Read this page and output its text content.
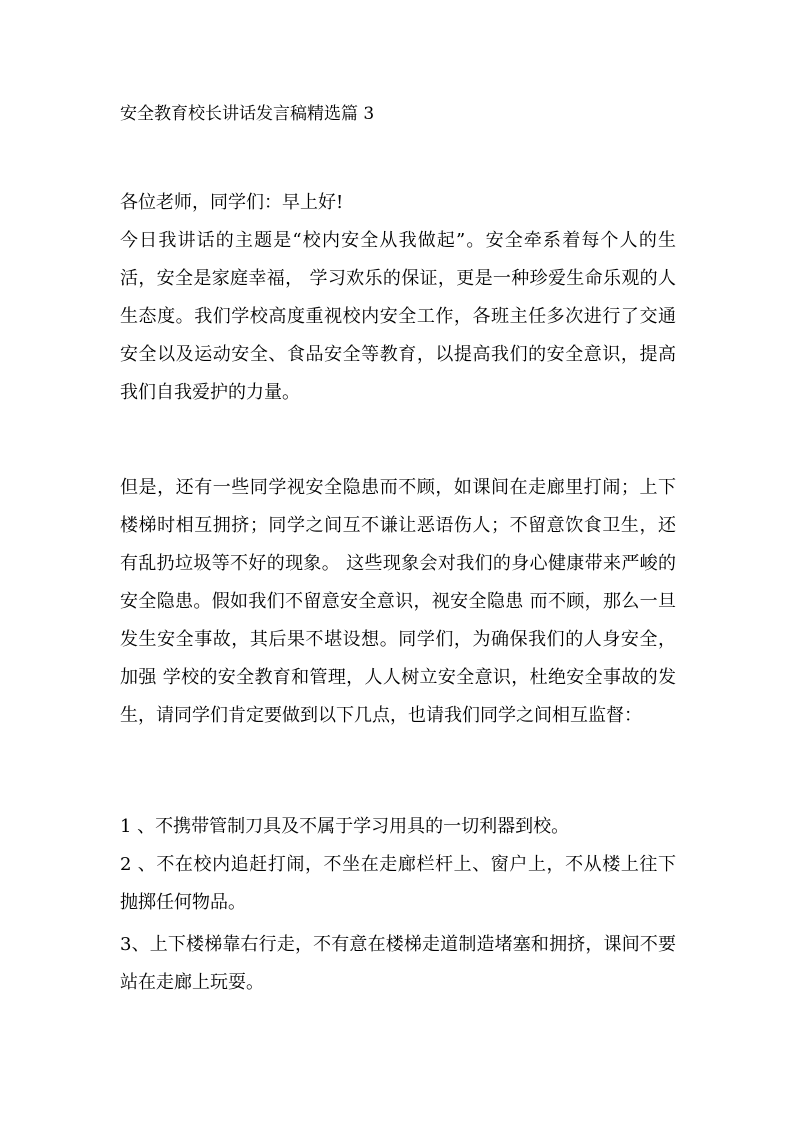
安全教育校长讲话发言稿精选篇 3
各位老师，同学们：早上好!
今日我讲话的主题是“校内安全从我做起”。安全牵系着每个人的生活，安全是家庭幸福， 学习欢乐的保证，更是一种珍爱生命乐观的人生态度。我们学校高度重视校内安全工作，各班主任多次进行了交通安全以及运动安全、食品安全等教育，以提高我们的安全意识，提高我们自我爱护的力量。
但是，还有一些同学视安全隐患而不顾，如课间在走廊里打闹；上下楼梯时相互拥挤；同学之间互不谦让恶语伤人；不留意饮食卫生，还有乱扔垃圾等不好的现象。 这些现象会对我们的身心健康带来严峻的安全隐患。假如我们不留意安全意识，视安全隐患 而不顾，那么一旦发生安全事故，其后果不堪设想。同学们，为确保我们的人身安全，加强 学校的安全教育和管理，人人树立安全意识，杜绝安全事故的发生，请同学们肯定要做到以下几点，也请我们同学之间相互监督：
1 、不携带管制刀具及不属于学习用具的一切利器到校。
2 、不在校内追赶打闹，不坐在走廊栏杆上、窗户上，不从楼上往下抛掷任何物品。
3、上下楼梯靠右行走，不有意在楼梯走道制造堵塞和拥挤，课间不要站在走廊上玩耍。
